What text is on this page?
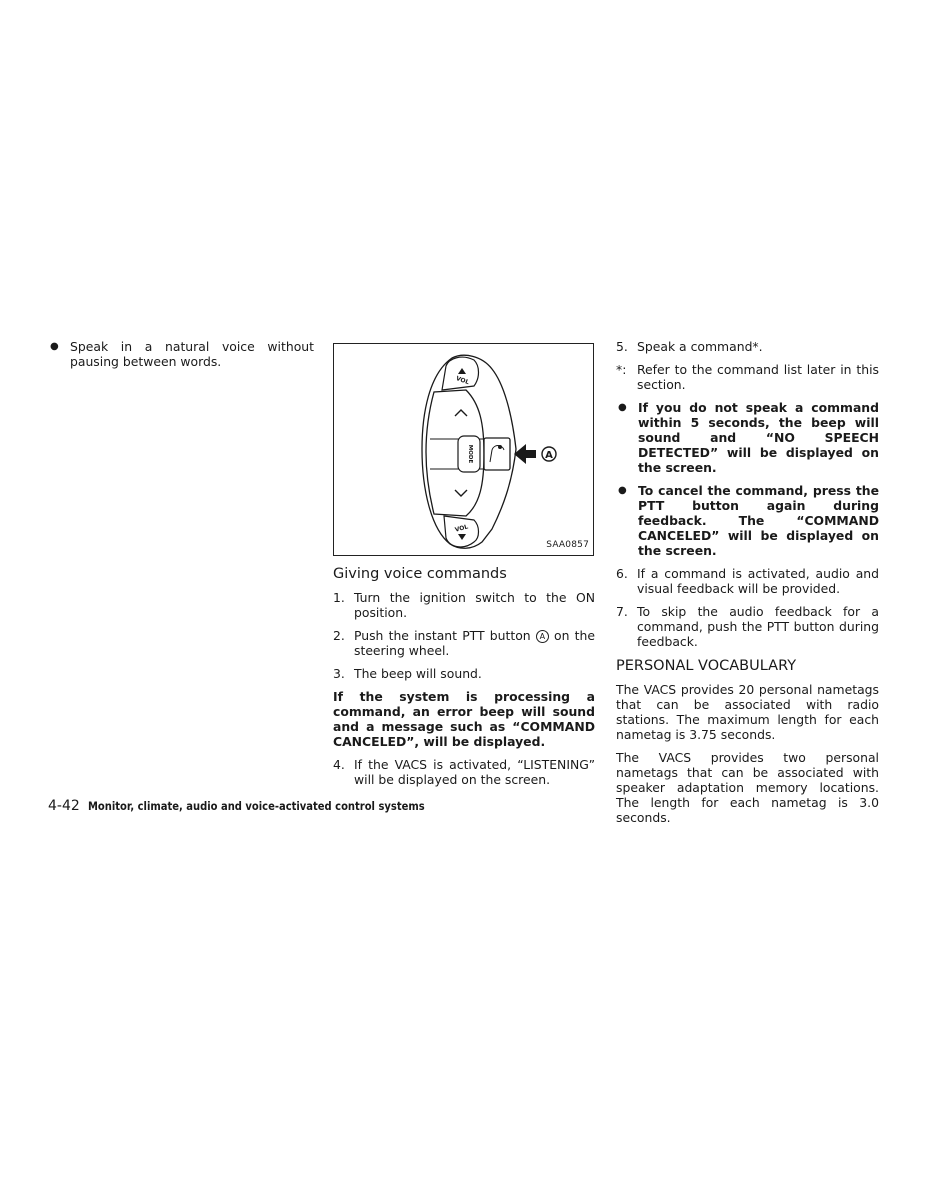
● Speak in a natural voice without pausing between words.
A
VOL
MODE
VOL
SAA0857
Giving voice commands
1. Turn the ignition switch to the ON position.
2. Push the instant PTT button A on the steering wheel.
3. The beep will sound.

If the system is processing a command, an error beep will sound and a message such as “COMMAND CANCELED”, will be displayed.

4. If the VACS is activated, “LISTENING” will be displayed on the screen.
5. Speak a command*.
*: Refer to the command list later in this section.
● If you do not speak a command within 5 seconds, the beep will sound and “NO SPEECH DETECTED” will be displayed on the screen.
● To cancel the command, press the PTT button again during feedback. The “COMMAND CANCELED” will be displayed on the screen.
6. If a command is activated, audio and visual feedback will be provided.
7. To skip the audio feedback for a command, push the PTT button during feedback.
PERSONAL VOCABULARY

The VACS provides 20 personal nametags that can be associated with radio stations. The maximum length for each nametag is 3.75 seconds.

The VACS provides two personal nametags that can be associated with speaker adaptation memory locations. The length for each nametag is 3.0 seconds.

4-42 Monitor, climate, audio and voice-activated control systems
